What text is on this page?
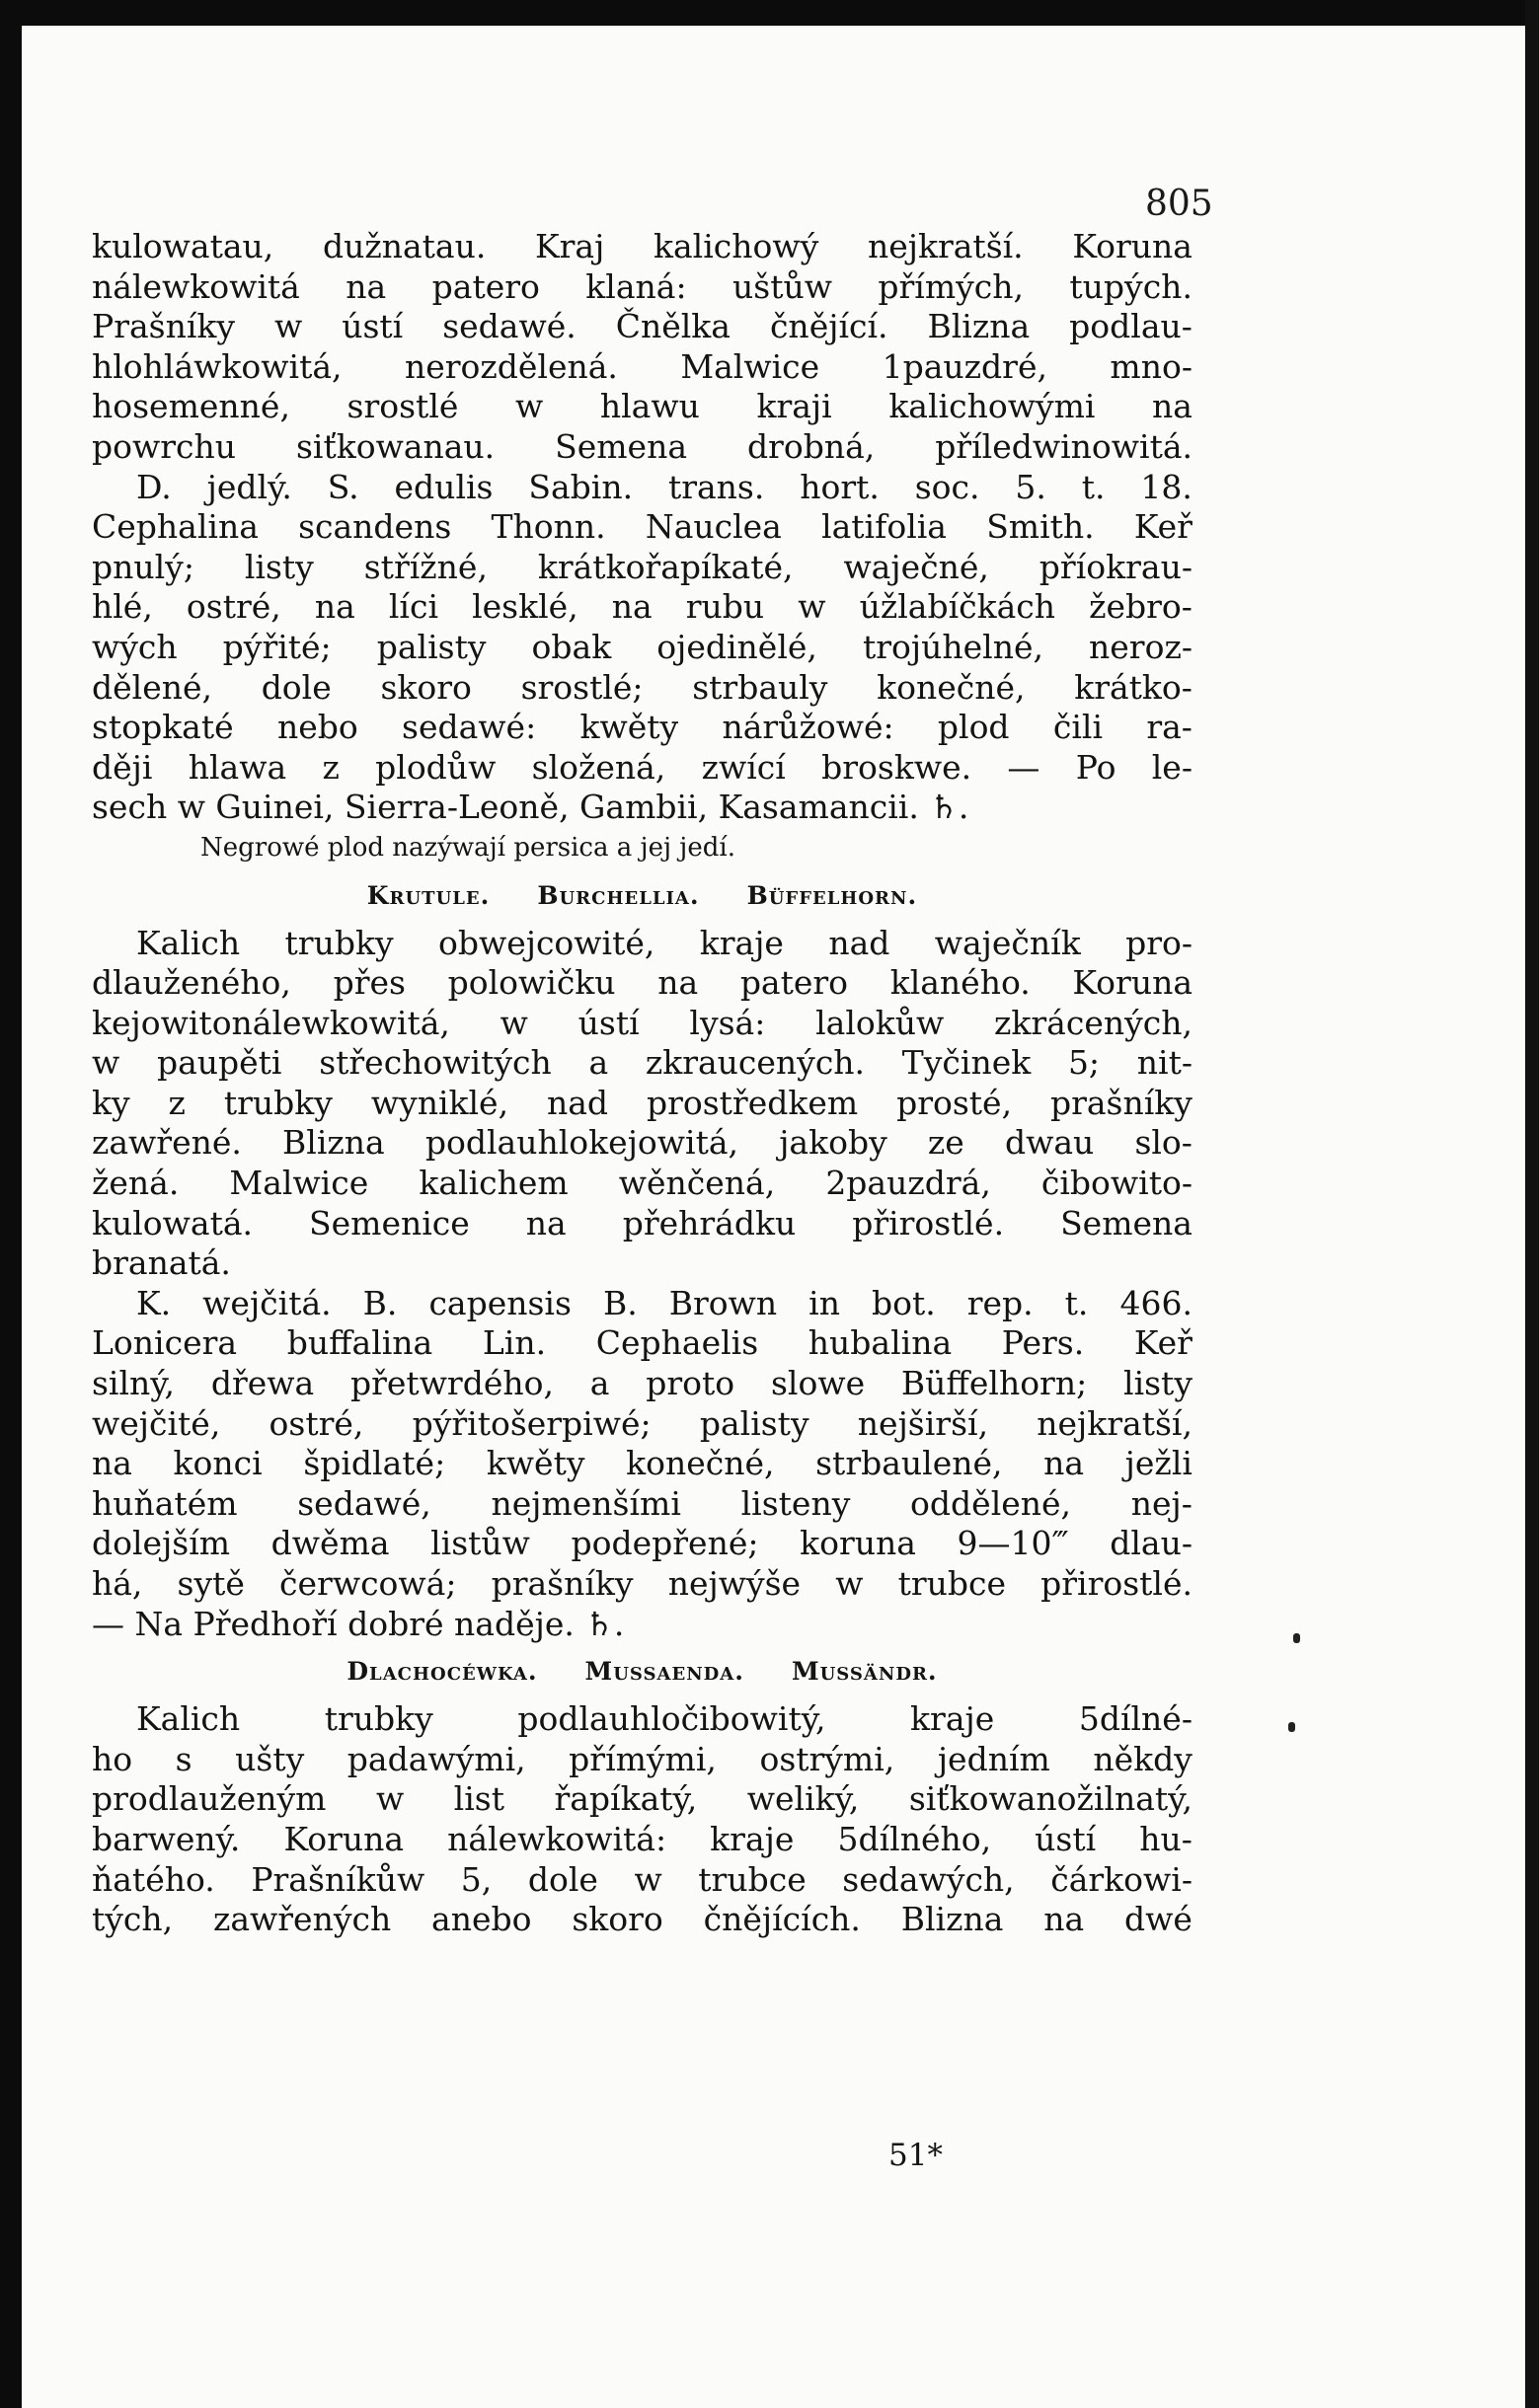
805
kulowatau, dužnatau. Kraj kalichowý nejkratší. Koruna
nálewkowitá na patero klaná: uštůw přímých, tupých.
Prašníky w ústí sedawé. Čnělka čnějící. Blizna podlau-
hlohláwkowitá, nerozdělená. Malwice 1pauzdré, mno-
hosemenné, srostlé w hlawu kraji kalichowými na
powrchu siťkowanau. Semena drobná, příledwinowitá.
D. jedlý. S. edulis Sabin. trans. hort. soc. 5. t. 18.
Cephalina scandens Thonn. Nauclea latifolia Smith. Keř
pnulý; listy střížné, krátkořapíkaté, waječné, příokrau-
hlé, ostré, na líci lesklé, na rubu w úžlabíčkách žebro-
wých pýřité; palisty obak ojedinělé, trojúhelné, neroz-
dělené, dole skoro srostlé; strbauly konečné, krátko-
stopkaté nebo sedawé: kwěty nárůžowé: plod čili ra-
ději hlawa z plodůw složená, zwící broskwe. — Po le-
sech w Guinei, Sierra-Leoně, Gambii, Kasamancii. ♄.
Negrowé plod nazýwají persica a jej jedí.
Krutule. Burchellia. Büffelhorn.
Kalich trubky obwejcowité, kraje nad waječník pro-
dlauženého, přes polowičku na patero klaného. Koruna
kejowitonálewkowitá, w ústí lysá: lalokůw zkrácených,
w paupěti střechowitých a zkraucených. Tyčinek 5; nit-
ky z trubky wyniklé, nad prostředkem prosté, prašníky
zawřené. Blizna podlauhlokejowitá, jakoby ze dwau slo-
žená. Malwice kalichem wěnčená, 2pauzdrá, čibowito-
kulowatá. Semenice na přehrádku přirostlé. Semena
branatá.
K. wejčitá. B. capensis B. Brown in bot. rep. t. 466.
Lonicera buffalina Lin. Cephaelis hubalina Pers. Keř
silný, dřewa přetwrdého, a proto slowe Büffelhorn; listy
wejčité, ostré, pýřitošerpiwé; palisty nejširší, nejkratší,
na konci špidlaté; kwěty konečné, strbaulené, na ježli
huňatém sedawé, nejmenšími listeny oddělené, nej-
dolejším dwěma listůw podepřené; koruna 9—10‴ dlau-
há, sytě čerwcowá; prašníky nejwýše w trubce přirostlé.
— Na Předhoří dobré naděje. ♄.
Dlachocéwka. Mussaenda. Mussändr.
Kalich	trubky	podlauhločibowitý,	kraje	5dílné-
ho s ušty padawými, přímými, ostrými, jedním někdy
prodlauženým w list řapíkatý, weliký, siťkowanožilnatý,
barwený. Koruna nálewkowitá: kraje 5dílného, ústí hu-
ňatého. Prašníkůw 5, dole w trubce sedawých, čárkowi-
tých, zawřených anebo skoro čnějících. Blizna na dwé
51*
